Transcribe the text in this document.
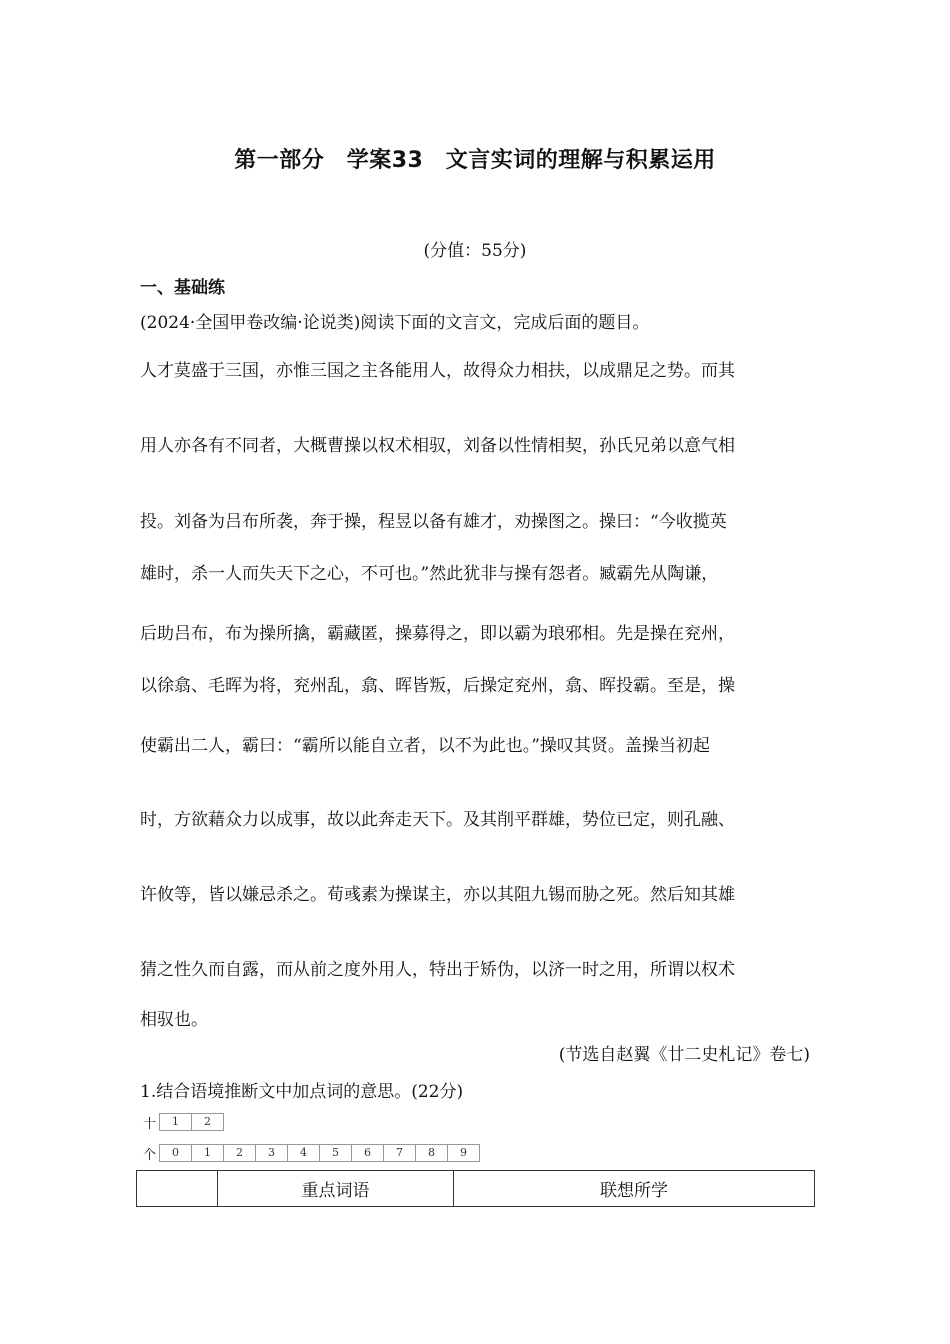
第一部分　学案33　文言实词的理解与积累运用
(分值：55分)
一、基础练
(2024·全国甲卷改编·论说类)阅读下面的文言文，完成后面的题目。
人才莫盛于三国，亦惟三国之主各能用人，故得众力相扶，以成鼎足之势。而其
用人亦各有不同者，大概曹操以权术相驭，刘备以性情相契，孙氏兄弟以意气相
投。刘备为吕布所袭，奔于操，程昱以备有雄才，劝操图之。操曰：“今收揽英
雄时，杀一人而失天下之心，不可也。”然此犹非与操有怨者。臧霸先从陶谦，
后助吕布，布为操所擒，霸藏匿，操募得之，即以霸为琅邪相。先是操在兖州，
以徐翕、毛晖为将，兖州乱，翕、晖皆叛，后操定兖州，翕、晖投霸。至是，操
使霸出二人，霸曰：“霸所以能自立者，以不为此也。”操叹其贤。盖操当初起
时，方欲藉众力以成事，故以此奔走天下。及其削平群雄，势位已定，则孔融、
许攸等，皆以嫌忌杀之。荀彧素为操谋主，亦以其阻九锡而胁之死。然后知其雄
猜之性久而自露，而从前之度外用人，特出于矫伪，以济一时之用，所谓以权术
相驭也。
(节选自赵翼《廿二史札记》卷七)
1.结合语境推断文中加点词的意思。(22分)
十	1	2
个	0	1	2	3	4	5	6	7	8	9
	重点词语	联想所学
